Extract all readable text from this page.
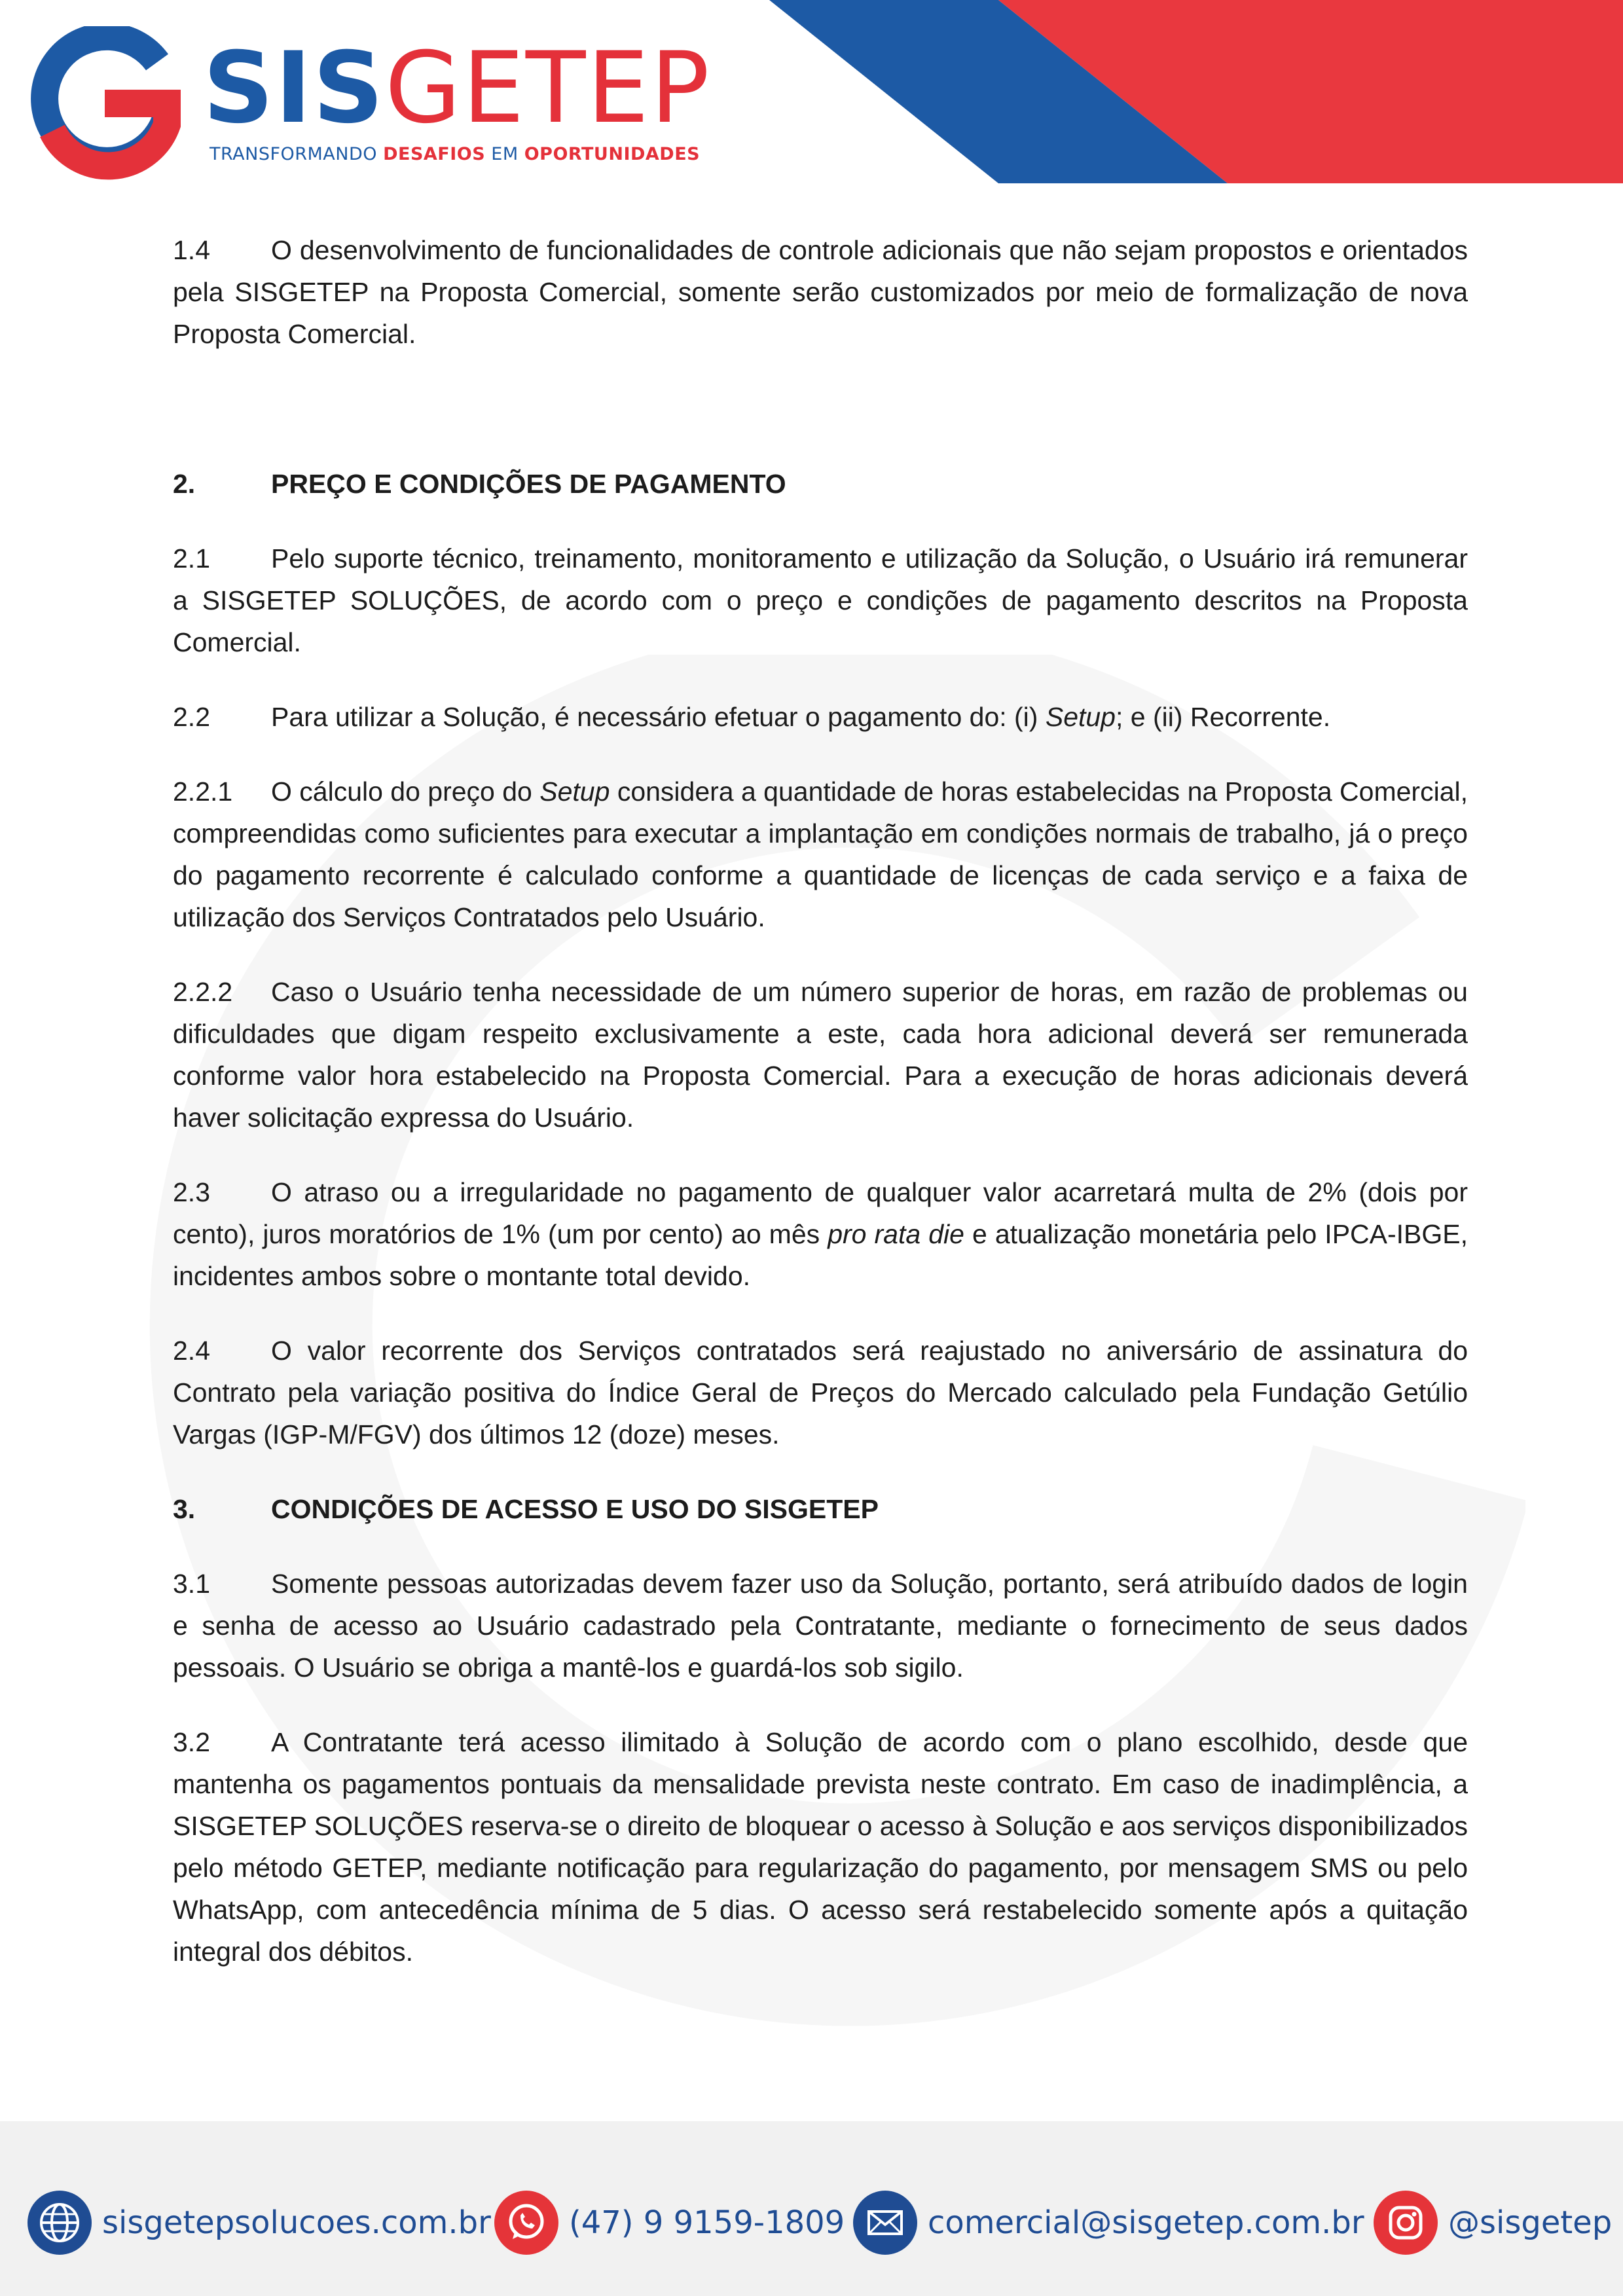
SISGETEP
TRANSFORMANDO DESAFIOS EM OPORTUNIDADES

1.4 O desenvolvimento de funcionalidades de controle adicionais que não sejam propostos e orientados pela SISGETEP na Proposta Comercial, somente serão customizados por meio de formalização de nova Proposta Comercial.

2.	PREÇO E CONDIÇÕES DE PAGAMENTO

2.1 Pelo suporte técnico, treinamento, monitoramento e utilização da Solução, o Usuário irá remunerar a SISGETEP SOLUÇÕES, de acordo com o preço e condições de pagamento descritos na Proposta Comercial.

2.2 Para utilizar a Solução, é necessário efetuar o pagamento do: (i) Setup; e (ii) Recorrente.

2.2.1 O cálculo do preço do Setup considera a quantidade de horas estabelecidas na Proposta Comercial, compreendidas como suficientes para executar a implantação em condições normais de trabalho, já o preço do pagamento recorrente é calculado conforme a quantidade de licenças de cada serviço e a faixa de utilização dos Serviços Contratados pelo Usuário.

2.2.2 Caso o Usuário tenha necessidade de um número superior de horas, em razão de problemas ou dificuldades que digam respeito exclusivamente a este, cada hora adicional deverá ser remunerada conforme valor hora estabelecido na Proposta Comercial. Para a execução de horas adicionais deverá haver solicitação expressa do Usuário.

2.3 O atraso ou a irregularidade no pagamento de qualquer valor acarretará multa de 2% (dois por cento), juros moratórios de 1% (um por cento) ao mês pro rata die e atualização monetária pelo IPCA-IBGE, incidentes ambos sobre o montante total devido.

2.4 O valor recorrente dos Serviços contratados será reajustado no aniversário de assinatura do Contrato pela variação positiva do Índice Geral de Preços do Mercado calculado pela Fundação Getúlio Vargas (IGP-M/FGV) dos últimos 12 (doze) meses.

3.	CONDIÇÕES DE ACESSO E USO DO SISGETEP

3.1 Somente pessoas autorizadas devem fazer uso da Solução, portanto, será atribuído dados de login e senha de acesso ao Usuário cadastrado pela Contratante, mediante o fornecimento de seus dados pessoais. O Usuário se obriga a mantê-los e guardá-los sob sigilo.

3.2 A Contratante terá acesso ilimitado à Solução de acordo com o plano escolhido, desde que mantenha os pagamentos pontuais da mensalidade prevista neste contrato. Em caso de inadimplência, a SISGETEP SOLUÇÕES reserva-se o direito de bloquear o acesso à Solução e aos serviços disponibilizados pelo método GETEP, mediante notificação para regularização do pagamento, por mensagem SMS ou pelo WhatsApp, com antecedência mínima de 5 dias. O acesso será restabelecido somente após a quitação integral dos débitos.

sisgetepsolucoes.com.br (47) 9 9159-1809	comercial@sisgetep.com.br	@sisgetep
